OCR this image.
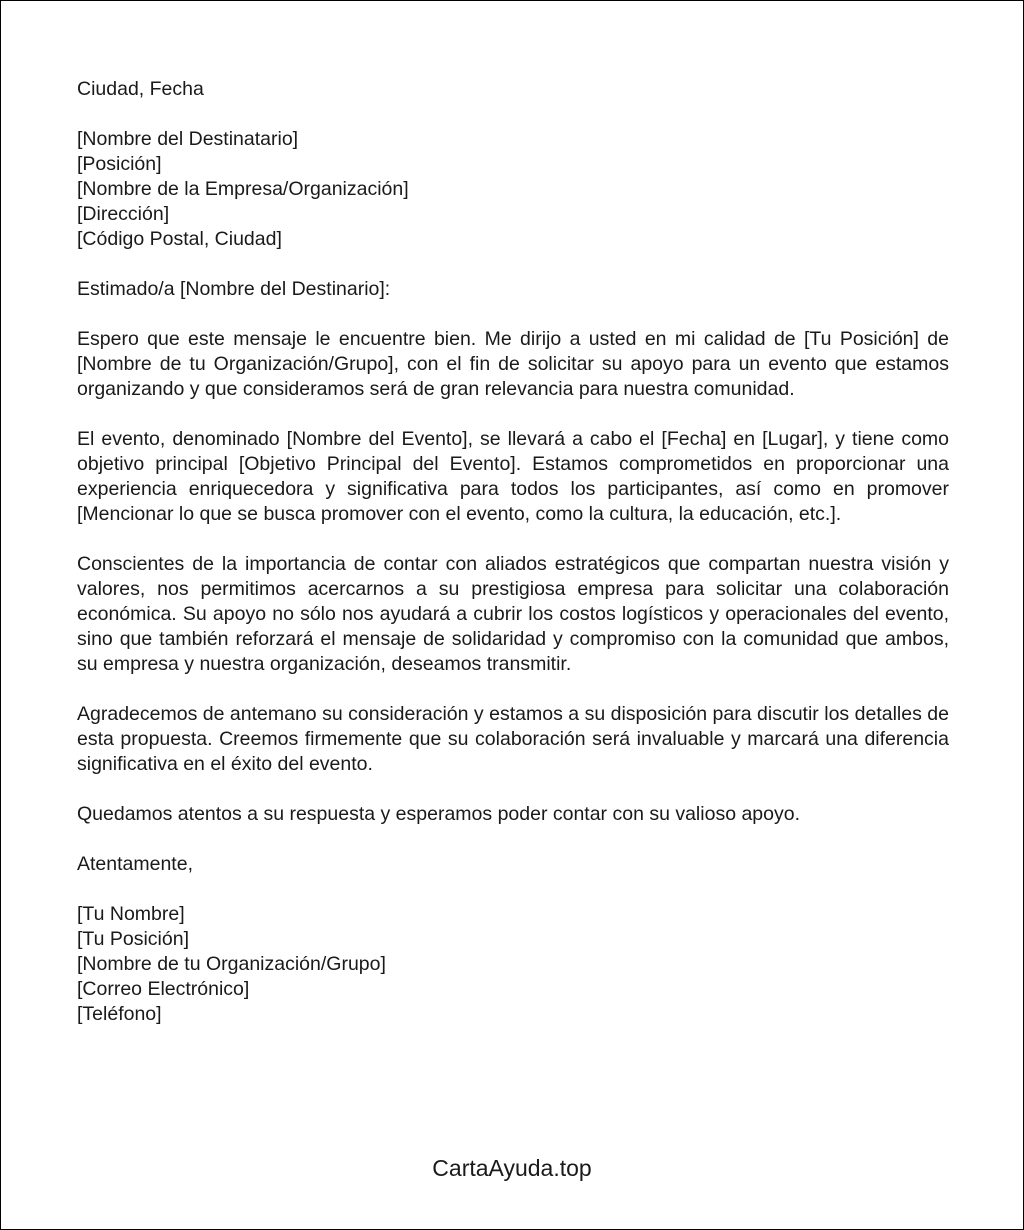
Ciudad, Fecha
[Nombre del Destinatario]
[Posición]
[Nombre de la Empresa/Organización]
[Dirección]
[Código Postal, Ciudad]
Estimado/a [Nombre del Destinario]:

Espero que este mensaje le encuentre bien. Me dirijo a usted en mi calidad de [Tu Posición] de [Nombre de tu Organización/Grupo], con el fin de solicitar su apoyo para un evento que estamos organizando y que consideramos será de gran relevancia para nuestra comunidad.

El evento, denominado [Nombre del Evento], se llevará a cabo el [Fecha] en [Lugar], y tiene como objetivo principal [Objetivo Principal del Evento]. Estamos comprometidos en proporcionar una experiencia enriquecedora y significativa para todos los participantes, así como en promover [Mencionar lo que se busca promover con el evento, como la cultura, la educación, etc.].

Conscientes de la importancia de contar con aliados estratégicos que compartan nuestra visión y valores, nos permitimos acercarnos a su prestigiosa empresa para solicitar una colaboración económica. Su apoyo no sólo nos ayudará a cubrir los costos logísticos y operacionales del evento, sino que también reforzará el mensaje de solidaridad y compromiso con la comunidad que ambos, su empresa y nuestra organización, deseamos transmitir.

Agradecemos de antemano su consideración y estamos a su disposición para discutir los detalles de esta propuesta. Creemos firmemente que su colaboración será invaluable y marcará una diferencia significativa en el éxito del evento.

Quedamos atentos a su respuesta y esperamos poder contar con su valioso apoyo.

Atentamente,
[Tu Nombre]
[Tu Posición]
[Nombre de tu Organización/Grupo]
[Correo Electrónico]
[Teléfono]
CartaAyuda.top
